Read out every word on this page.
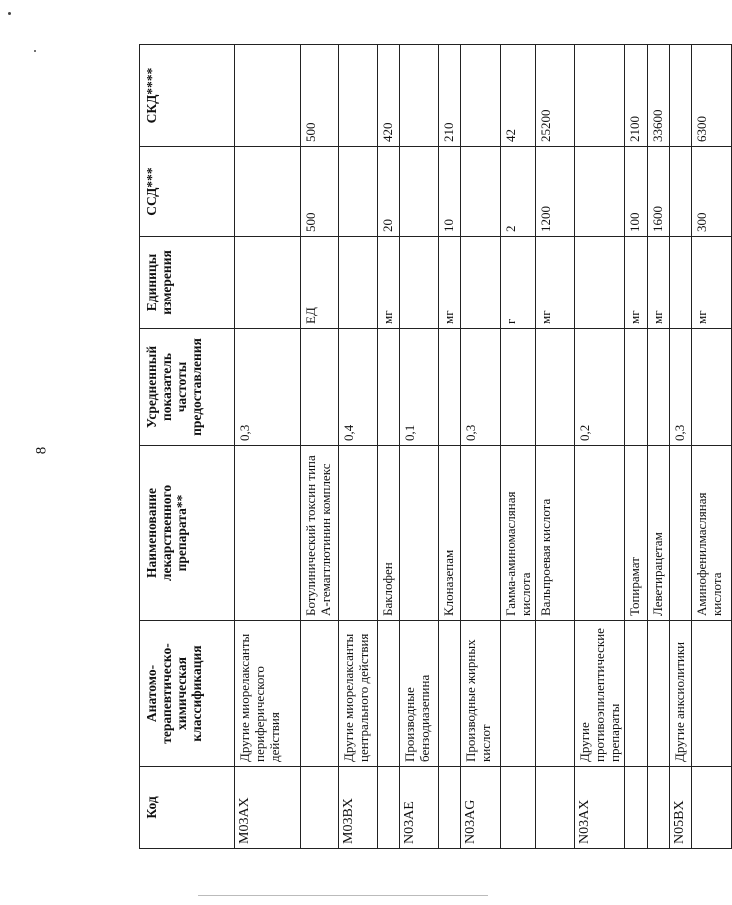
8
Код	Анатомо-терапевтическо-химическая классификация	Наименование лекарственного препарата**	Усредненный показатель частоты предоставления	Единицы измерения	ССД***	СКД****
M03AX	Другие миорелаксанты периферического действия		0,3			
		Ботулинический токсин типа А-гемагглютинин комплекс		ЕД	500	500
M03BX	Другие миорелаксанты центрального действия		0,4			
		Баклофен		мг	20	420
N03AE	Производные бензодиазепина		0,1			
		Клоназепам		мг	10	210
N03AG	Производные жирных кислот		0,3			
		Гамма-аминомасляная кислота		г	2	42
		Вальпроевая кислота		мг	1200	25200
N03AX	Другие противоэпилептические препараты		0,2			
		Топирамат		мг	100	2100
		Леветирацетам		мг	1600	33600
N05BX	Другие анксиолитики		0,3			
		Аминофенилмасляная кислота		мг	300	6300
